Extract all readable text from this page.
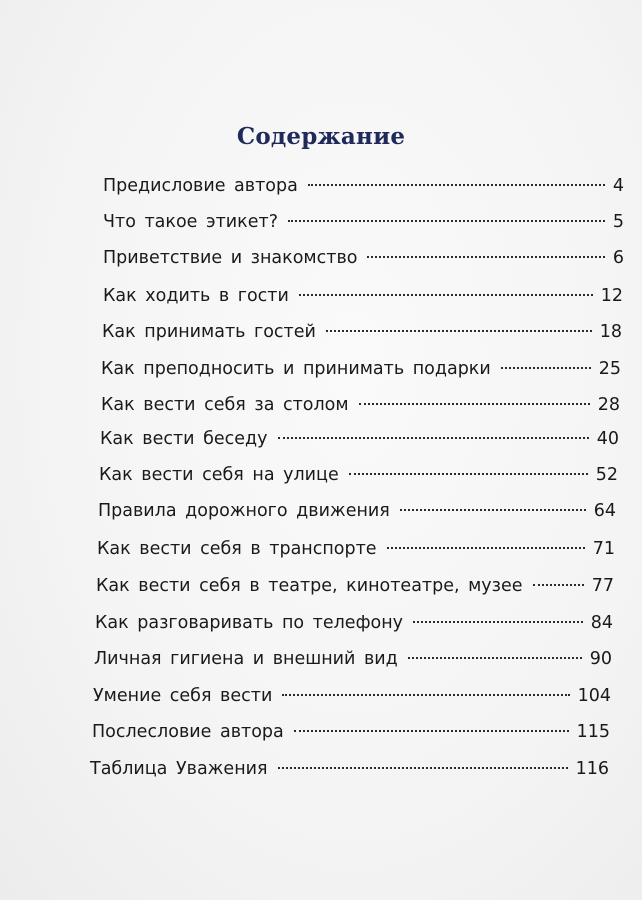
Содержание
Предисловие автора	4
Что такое этикет?	5
Приветствие и знакомство	6
Как ходить в гости	12
Как принимать гостей	18
Как преподносить и принимать подарки	25
Как вести себя за столом	28
Как вести беседу	40
Как вести себя на улице	52
Правила дорожного движения	64
Как вести себя в транспорте	71
Как вести себя в театре, кинотеатре, музее	77
Как разговаривать по телефону	84
Личная гигиена и внешний вид	90
Умение себя вести	104
Послесловие автора	115
Таблица Уважения	116
